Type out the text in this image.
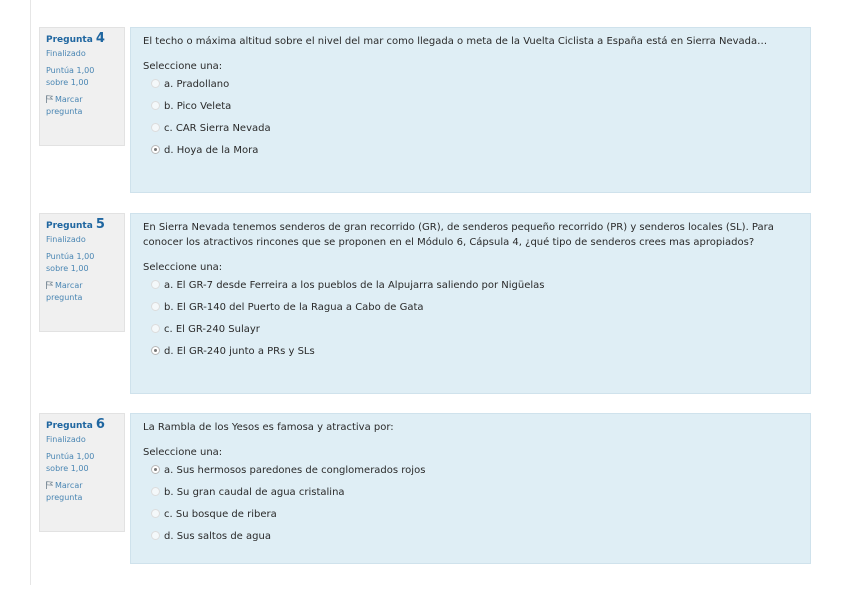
Pregunta 4

Finalizado

Puntúa 1,00 sobre 1,00

Marcar pregunta

El techo o máxima altitud sobre el nivel del mar como llegada o meta de la Vuelta Ciclista a España está en Sierra Nevada…

Seleccione una:

a. Pradollano
b. Pico Veleta
c. CAR Sierra Nevada
d. Hoya de la Mora

Pregunta 5

Finalizado

Puntúa 1,00 sobre 1,00

Marcar pregunta

En Sierra Nevada tenemos senderos de gran recorrido (GR), de senderos pequeño recorrido (PR) y senderos locales (SL). Para conocer los atractivos rincones que se proponen en el Módulo 6, Cápsula 4, ¿qué tipo de senderos crees mas apropiados?

Seleccione una:

a. El GR-7 desde Ferreira a los pueblos de la Alpujarra saliendo por Nigüelas
b. El GR-140 del Puerto de la Ragua a Cabo de Gata
c. El GR-240 Sulayr
d. El GR-240 junto a PRs y SLs

Pregunta 6

Finalizado

Puntúa 1,00 sobre 1,00

Marcar pregunta

La Rambla de los Yesos es famosa y atractiva por:

Seleccione una:

a. Sus hermosos paredones de conglomerados rojos
b. Su gran caudal de agua cristalina
c. Su bosque de ribera
d. Sus saltos de agua
